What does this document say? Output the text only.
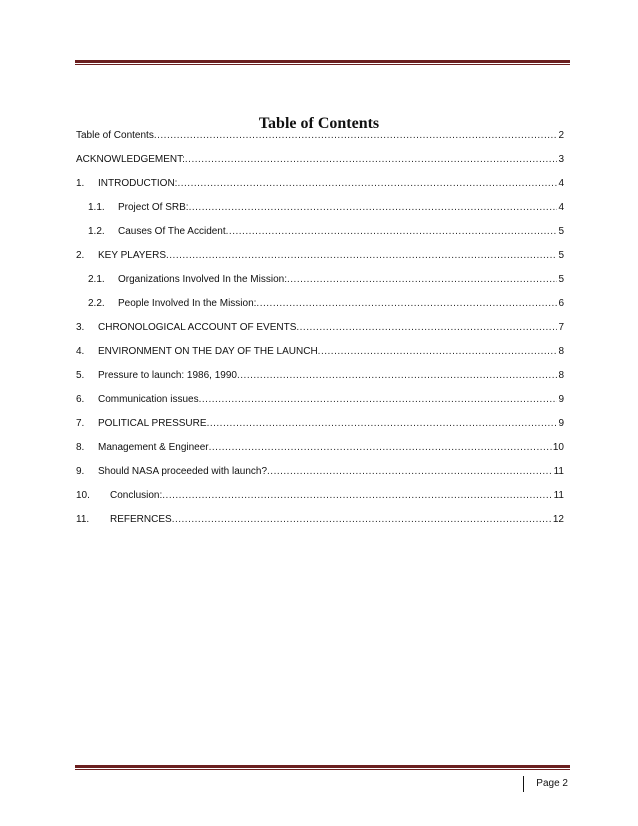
Table of Contents
Table of Contents .....	2
ACKNOWLEDGEMENT: .....	3
1.	INTRODUCTION: .....	4
1.1.	Project Of SRB: .....	4
1.2.	Causes Of The Accident .....	5
2.	KEY PLAYERS .....	5
2.1.	Organizations Involved In the Mission: .....	5
2.2.	People Involved In the Mission: .....	6
3.	CHRONOLOGICAL ACCOUNT OF EVENTS .....	7
4.	ENVIRONMENT ON THE DAY OF THE LAUNCH .....	8
5.	Pressure to launch: 1986, 1990 .....	8
6.	Communication issues .....	9
7.	POLITICAL PRESSURE .....	9
8.	Management & Engineer .....	10
9.	Should NASA proceeded with launch? .....	11
10.	Conclusion: .....	11
11.	REFERNCES .....	12
Page 2
